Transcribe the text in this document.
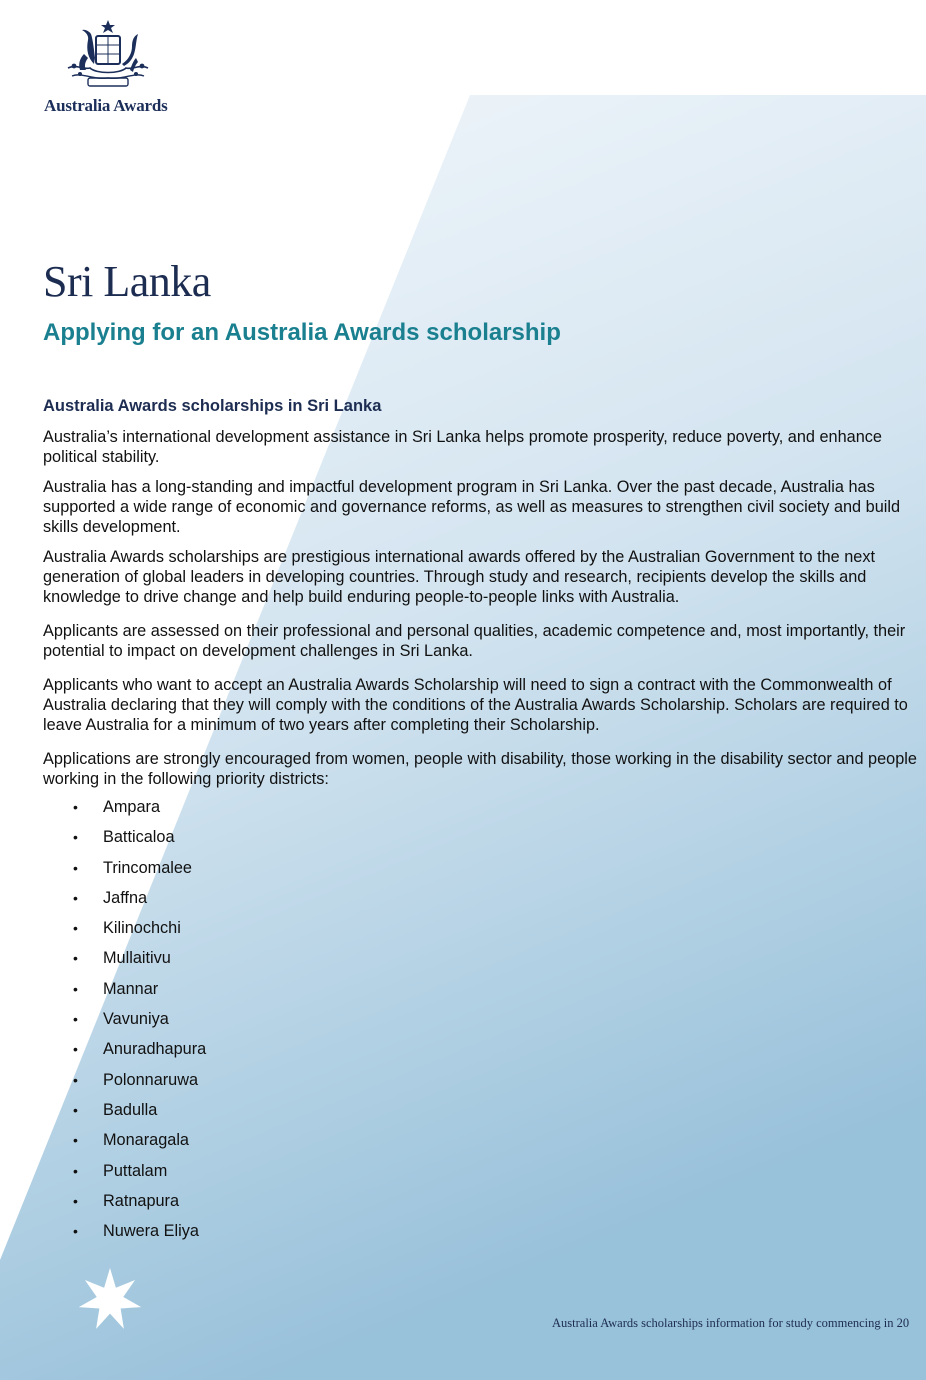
Australia Awards
Sri Lanka
Applying for an Australia Awards scholarship
Australia Awards scholarships in Sri Lanka

Australia’s international development assistance in Sri Lanka helps promote prosperity, reduce poverty, and enhance political stability.

Australia has a long-standing and impactful development program in Sri Lanka. Over the past decade, Australia has supported a wide range of economic and governance reforms, as well as measures to strengthen civil society and build skills development.

Australia Awards scholarships are prestigious international awards offered by the Australian Government to the next generation of global leaders in developing countries. Through study and research, recipients develop the skills and knowledge to drive change and help build enduring people-to-people links with Australia.

Applicants are assessed on their professional and personal qualities, academic competence and, most importantly, their potential to impact on development challenges in Sri Lanka.

Applicants who want to accept an Australia Awards Scholarship will need to sign a contract with the Commonwealth of Australia declaring that they will comply with the conditions of the Australia Awards Scholarship. Scholars are required to leave Australia for a minimum of two years after completing their Scholarship.

Applications are strongly encouraged from women, people with disability, those working in the disability sector and people working in the following priority districts:

• Ampara
• Batticaloa
• Trincomalee
• Jaffna
• Kilinochchi
• Mullaitivu
• Mannar
• Vavuniya
• Anuradhapura
• Polonnaruwa
• Badulla
• Monaragala
• Puttalam
• Ratnapura
• Nuwera Eliya

Australia Awards scholarships information for study commencing in 20
